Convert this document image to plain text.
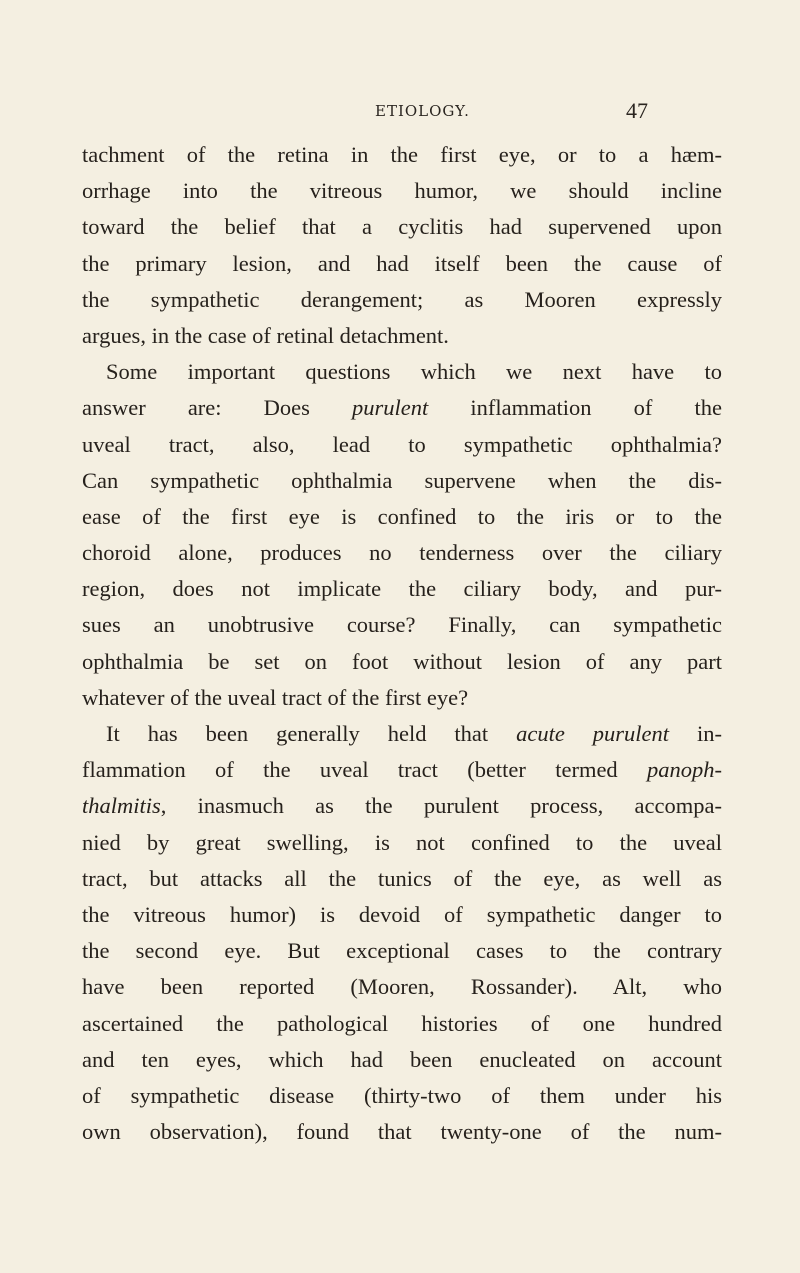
ETIOLOGY.	47
tachment of the retina in the first eye, or to a hæm-
orrhage into the vitreous humor, we should incline
toward the belief that a cyclitis had supervened upon
the primary lesion, and had itself been the cause of
the sympathetic derangement; as Mooren expressly
argues, in the case of retinal detachment.
Some important questions which we next have to
answer are: Does purulent inflammation of the
uveal tract, also, lead to sympathetic ophthalmia?
Can sympathetic ophthalmia supervene when the dis-
ease of the first eye is confined to the iris or to the
choroid alone, produces no tenderness over the ciliary
region, does not implicate the ciliary body, and pur-
sues an unobtrusive course? Finally, can sympathetic
ophthalmia be set on foot without lesion of any part
whatever of the uveal tract of the first eye?
It has been generally held that acute purulent in-
flammation of the uveal tract (better termed panoph-
thalmitis, inasmuch as the purulent process, accompa-
nied by great swelling, is not confined to the uveal
tract, but attacks all the tunics of the eye, as well as
the vitreous humor) is devoid of sympathetic danger to
the second eye. But exceptional cases to the contrary
have been reported (Mooren, Rossander). Alt, who
ascertained the pathological histories of one hundred
and ten eyes, which had been enucleated on account
of sympathetic disease (thirty-two of them under his
own observation), found that twenty-one of the num-
